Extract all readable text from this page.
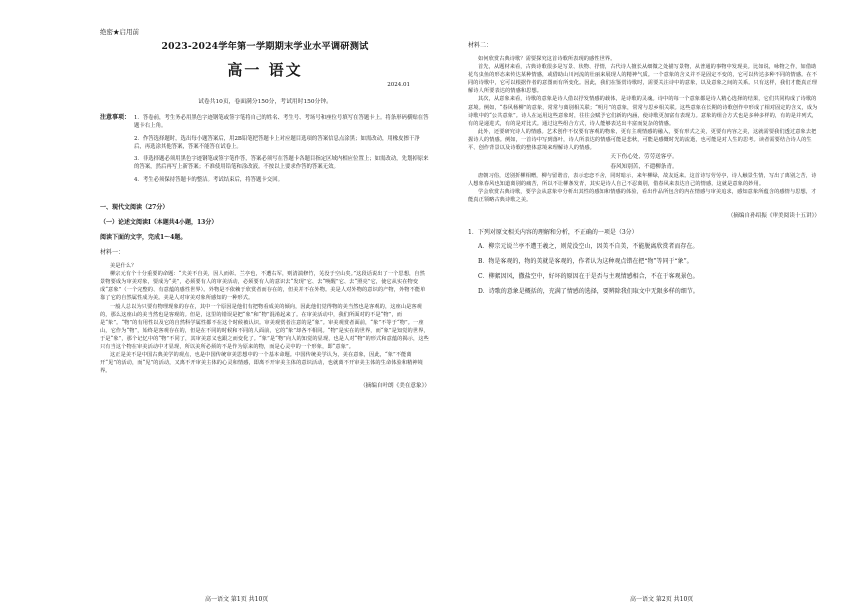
绝密★启用前

2023-2024学年第一学期期末学业水平调研测试

高一 语文

2024.01

试卷共10页，卷面满分150分，考试用时150分钟。

注意事项： 1．答卷前，考生务必用黑色字迹钢笔或签字笔将自己的姓名、考生号、考场号和座位号填写在答题卡上。将条形码横贴在答题卡右上角。
2．作答选择题时，选出每小题答案后，用2B铅笔把答题卡上对应题目选项的答案信息点涂黑；如需改动，用橡皮擦干净后，再选涂其他答案，答案不能答在试卷上。
3．非选择题必须用黑色字迹钢笔或签字笔作答，答案必须写在答题卡各题目指定区域内相应位置上；如需改动，先划掉原来的答案，然后再写上新答案；不准使用铅笔和涂改液。不按以上要求作答的答案无效。
4．考生必须保持答题卡的整洁。考试结束后，将答题卡交回。

一、现代文阅读（27分）

（一）论述文阅读Ⅰ（本题共4小题，13分）

阅读下面的文字，完成1～4题。

材料一：

美是什么？

柳宗元有个十分重要的命题：“夫美不自美，因人而彰。兰亭也，不遭右军，则清湍修竹，芜没于空山矣。”这段话说出了一个思想，自然景物要成为审美对象，要成为“美”，必须要有人的审美活动，必须要有人的意识去“发现”它、去“唤醒”它、去“照亮”它，使它从实在物变成“意象”（一个完整的、有意蕴的感性世界）。外物是不依赖于欣赏者而存在的，但美并不在外物。美是人对外物的意识的产物，外物不能单靠了它的自然属性成为美。美是人对审美对象所感知的一种形式。

一般人总以为只要有物理现象的存在，其中一个原因是他们有把物看成美的倾向，因此他们觉得物的美当然也是客观的，这座山是客观的，那么这座山的美当然也是客观的。但是，这里的错误是把“象”和“物”混淆起来了。在审美活动中，我们所面对的不是“物”，而是“象”。“物”的有用性以及它的自然科学属性都不在这个时候被认识。审美观赏者注意的是“象”。审美观赏者面前，“象”不等于“物”。一座山，它作为“物”，始终是客观存在的，但是在不同的时候和不同的人面前，它的“象”却各不相同。“物”是实在的世界，而“象”是知觉的世界，于是“象”，那个记忆中的“物”不同了，其审美意义也跟之而变化了。“象”是“物”向人的知觉的显现，也是人对“物”的形式和意蕴的揭示，这些只有当这个物在审美活动中才显现，所以美所必须的不是作为原来的物，而是心灵中的一个形象，即“意象”。

这正是美不是中国古典美学的观点，也是中国传统审美思想中的一个基本命题。中国传统美学认为，美在意象，因此，“象”不能离开“见”的活动，而“见”的活动，又离不开审美主体的心灵和情感，即离不开审美主体的意识活动，也就离不开审美主体的生命体验和精神境界。

（摘编自叶朗《美在意象》）

高一语文 第1页 共10页

材料二：

如何欣赏古典诗歌？需要探究这首诗歌所表现的感性世界。

首先，从题材来看，古典诗歌很多是写景、状物、抒情，古代诗人擅长从细微之处描写景物，从普通的事物中发现美。比如说，咏物之作，如借助花鸟虫鱼的形态来传达某种情感，或借助山川河流的壮丽来展现人的精神气质。一个意象的含义并不是固定不变的，它可以传达多种不同的情感。在不同的诗歌中，它可以根据作者的意图而有所变化。因此，我们在鉴赏诗歌时，需要关注诗中的意象，以及意象之间的关系。只有这样，我们才能真正理解诗人所要表达的情感和思想。

其次，从意象来看，诗歌的意象是诗人借以抒发情感的载体，是诗歌的灵魂。诗中的每一个意象都是诗人精心选择的结果，它们共同构成了诗歌的意境。例如，“春风杨柳”的意象，常常与离别相关联；“明月”的意象，常常与思乡相关联。这些意象在长期的诗歌创作中形成了相对固定的含义，成为诗歌中的“公共意象”。诗人在运用这些意象时，往往会赋予它们新的内涵，使诗歌更加富有表现力。意象的组合方式也是多种多样的，有的是并列式，有的是递进式，有的是对比式。通过这些组合方式，诗人能够表达出丰富而复杂的情感。

此外，还要研究诗人的情感。艺术创作不仅要有客观的物象，更有主观情感的融入，要有形式之美，更要有内容之美，这就需要我们透过意象去把握诗人的情感。例如，一首诗中写到落叶，诗人所表达的情感可能是悲秋，可能是感慨时光的流逝，也可能是对人生的思考。读者需要结合诗人的生平、创作背景以及诗歌的整体意境来理解诗人的情感。

天下伤心处，劳劳送客亭。

春风知别苦，不遣柳条青。

唐朝习俗，送别折柳相赠，柳与留谐音，表示恋恋不舍，同时暗示，来年柳绿，故友返来。这首诗写劳劳亭，诗人触景生情，写出了离别之苦，诗人想象春风也知道离别的痛苦，所以不让柳条发青，其实是诗人自己不忍离别，借春风来表达自己的情感，这就是意象的妙用。

学会欣赏古典诗歌，要学会从意象中分析出其性的感知和情感的体验，看出作品所包含的内在情感与审美追求，感知意象所蕴含的感情与思想，才能真正领略古典诗歌之美。

（摘编自孙绍振《审美阅读十五讲》）

1．下列对原文相关内容的理解和分析，不正确的一项是（3分）

A．柳宗元说兰亭不遭王羲之，则荒没空山，因美不自美，不能脱离欣赏者而存在。

B．物是客观的，物的美就是客观的，作者认为这种观点错在把“物”等同于“象”。

C．柳絮因风，撒盐空中，好坏的原因在于是否与主观情感相合，不在于客观景色。

D．诗歌的意象是概括的，充满了情感的选择，要辨除我们取文中无限多样的细节。

高一语文 第2页 共10页
